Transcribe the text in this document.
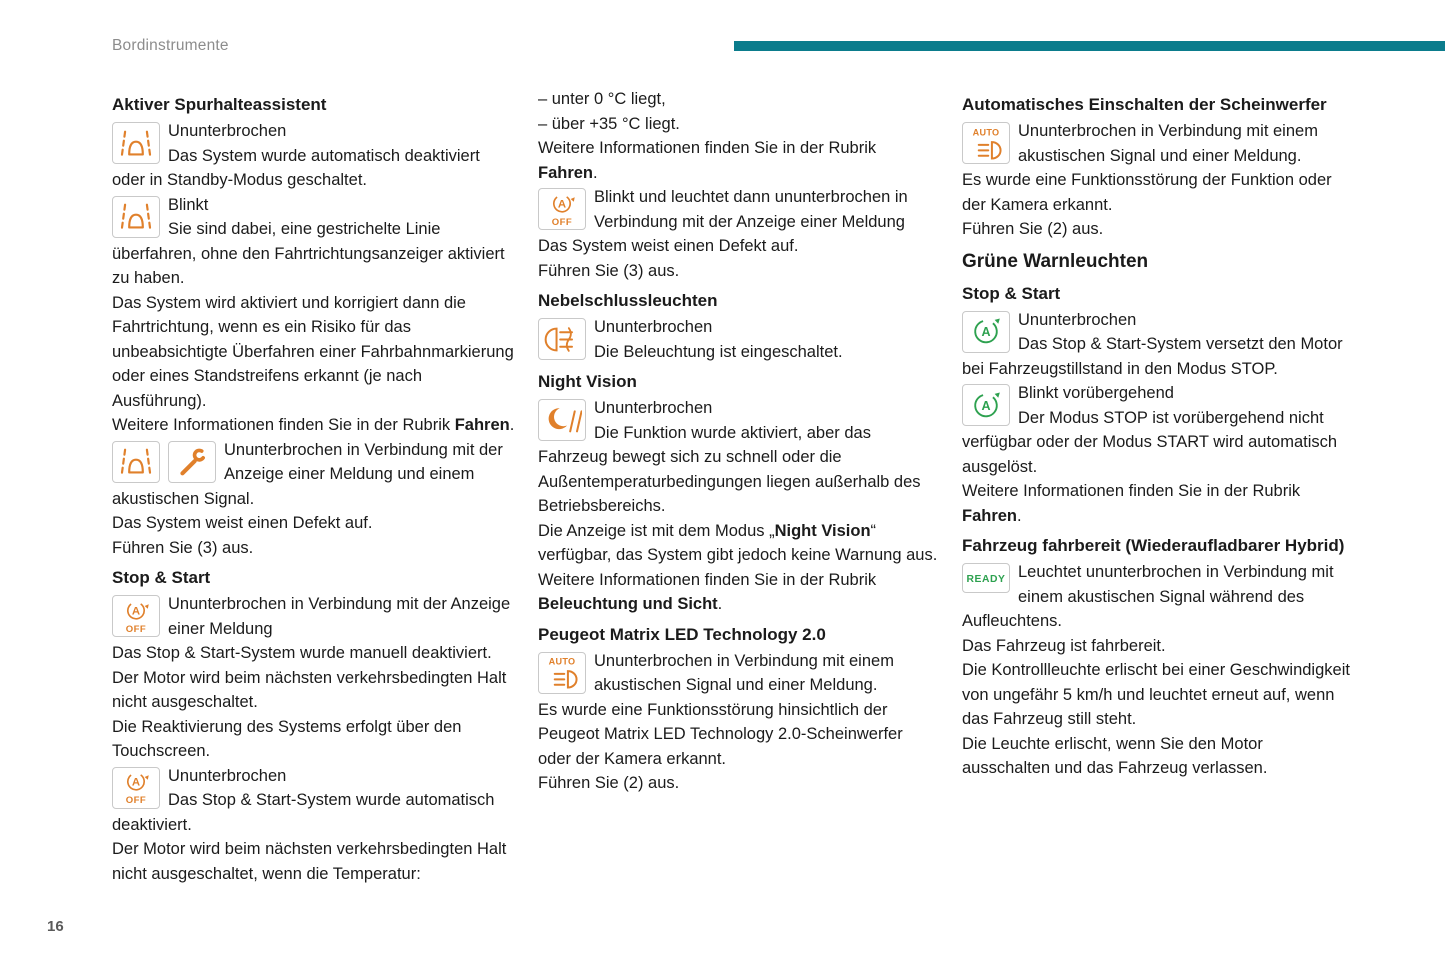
Bordinstrumente
16
Aktiver Spurhalteassistent
Ununterbrochen
Das System wurde automatisch deaktiviert oder in Standby-Modus geschaltet.
Blinkt
Sie sind dabei, eine gestrichelte Linie überfahren, ohne den Fahrtrichtungsanzeiger aktiviert zu haben.
Das System wird aktiviert und korrigiert dann die Fahrtrichtung, wenn es ein Risiko für das unbeabsichtigte Überfahren einer Fahrbahnmarkierung oder eines Standstreifens erkannt (je nach Ausführung).
Weitere Informationen finden Sie in der Rubrik Fahren.
Ununterbrochen in Verbindung mit der Anzeige einer Meldung und einem akustischen Signal.
Das System weist einen Defekt auf.
Führen Sie (3) aus.
Stop & Start
A
OFF
Ununterbrochen in Verbindung mit der Anzeige einer Meldung
Das Stop & Start-System wurde manuell deaktiviert.
Der Motor wird beim nächsten verkehrsbedingten Halt nicht ausgeschaltet.
Die Reaktivierung des Systems erfolgt über den Touchscreen.
A
OFF
Ununterbrochen
Das Stop & Start-System wurde automatisch deaktiviert.
Der Motor wird beim nächsten verkehrsbedingten Halt nicht ausgeschaltet, wenn die Temperatur:
– unter 0 °C liegt,
– über +35 °C liegt.
Weitere Informationen finden Sie in der Rubrik Fahren.
A
OFF
Blinkt und leuchtet dann ununterbrochen in Verbindung mit der Anzeige einer Meldung
Das System weist einen Defekt auf.
Führen Sie (3) aus.
Nebelschlussleuchten
Ununterbrochen
Die Beleuchtung ist eingeschaltet.
Night Vision
Ununterbrochen
Die Funktion wurde aktiviert, aber das Fahrzeug bewegt sich zu schnell oder die Außentemperaturbedingungen liegen außerhalb des Betriebsbereichs.
Die Anzeige ist mit dem Modus „Night Vision“ verfügbar, das System gibt jedoch keine Warnung aus.
Weitere Informationen finden Sie in der Rubrik Beleuchtung und Sicht.
Peugeot Matrix LED Technology 2.0
AUTO Ununterbrochen in Verbindung mit einem akustischen Signal und einer Meldung.
Es wurde eine Funktionsstörung hinsichtlich der Peugeot Matrix LED Technology 2.0-Scheinwerfer oder der Kamera erkannt.
Führen Sie (2) aus.
Automatisches Einschalten der Scheinwerfer
AUTO Ununterbrochen in Verbindung mit einem akustischen Signal und einer Meldung.
Es wurde eine Funktionsstörung der Funktion oder der Kamera erkannt.
Führen Sie (2) aus.
Grüne Warnleuchten
Stop & Start
A
Ununterbrochen
Das Stop & Start-System versetzt den Motor bei Fahrzeugstillstand in den Modus STOP.
A
Blinkt vorübergehend
Der Modus STOP ist vorübergehend nicht verfügbar oder der Modus START wird automatisch ausgelöst.
Weitere Informationen finden Sie in der Rubrik Fahren.
Fahrzeug fahrbereit (Wiederaufladbarer Hybrid)
READY Leuchtet ununterbrochen in Verbindung mit einem akustischen Signal während des Aufleuchtens.
Das Fahrzeug ist fahrbereit.
Die Kontrollleuchte erlischt bei einer Geschwindigkeit von ungefähr 5 km/h und leuchtet erneut auf, wenn das Fahrzeug still steht.
Die Leuchte erlischt, wenn Sie den Motor ausschalten und das Fahrzeug verlassen.
